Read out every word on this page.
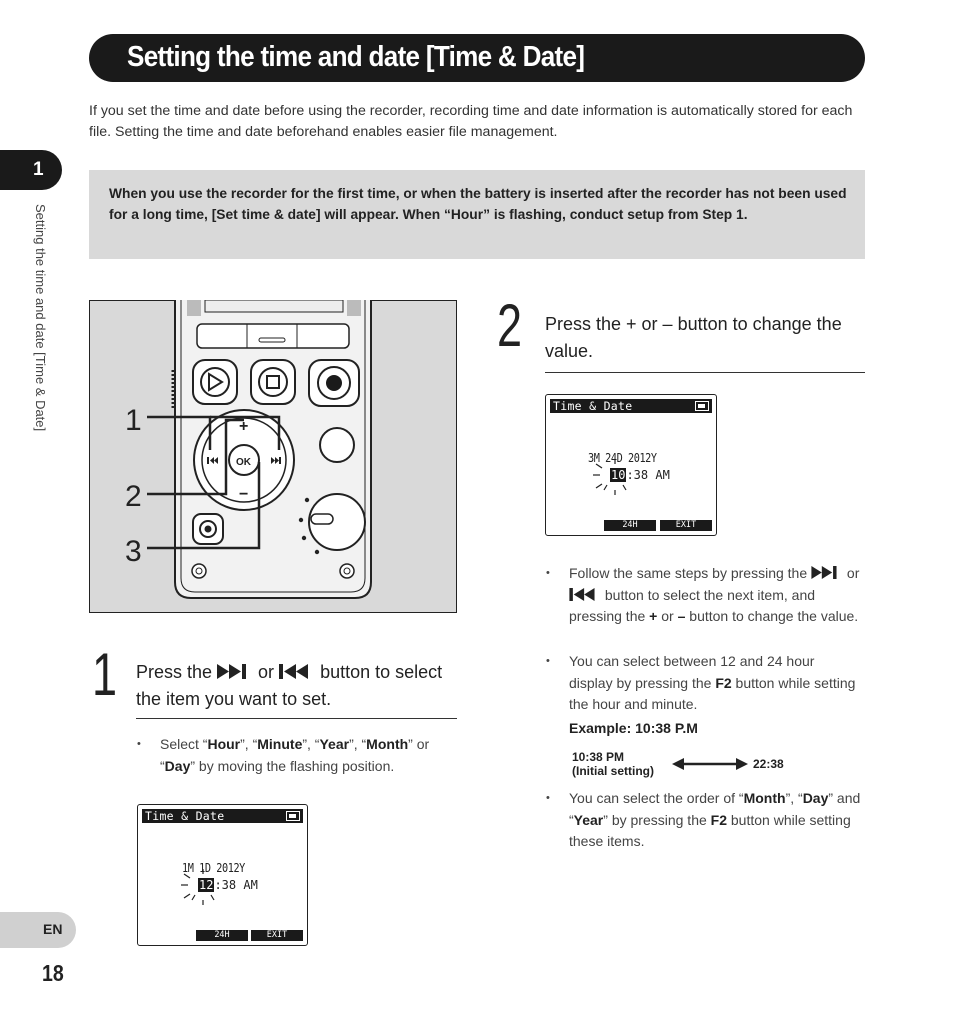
Setting the time and date [Time & Date]

If you set the time and date before using the recorder, recording time and date information is automatically stored for each file. Setting the time and date beforehand enables easier file management.

When you use the recorder for the first time, or when the battery is inserted after the recorder has not been used for a long time, [Set time & date] will appear. When “Hour” is flashing, conduct setup from Step 1.

1
Setting the time and date [Time & Date]
EN
18
OK
+
−
1
2
3
1 Press the  or  button to select the item you want to set.
• Select “Hour”, “Minute”, “Year”, “Month” or “Day” by moving the flashing position.
Time & Date
1M 1D 2012Y
12:38 AM
24H	EXIT
2 Press the + or – button to change the value.
Time & Date
3M 24D 2012Y
10:38 AM
24H	EXIT
• Follow the same steps by pressing the  or  button to select the next item, and pressing the + or – button to change the value.
• You can select between 12 and 24 hour display by pressing the F2 button while setting the hour and minute.
Example: 10:38 P.M
10:38 PM
(Initial setting)	22:38
• You can select the order of “Month”, “Day” and “Year” by pressing the F2 button while setting these items.
